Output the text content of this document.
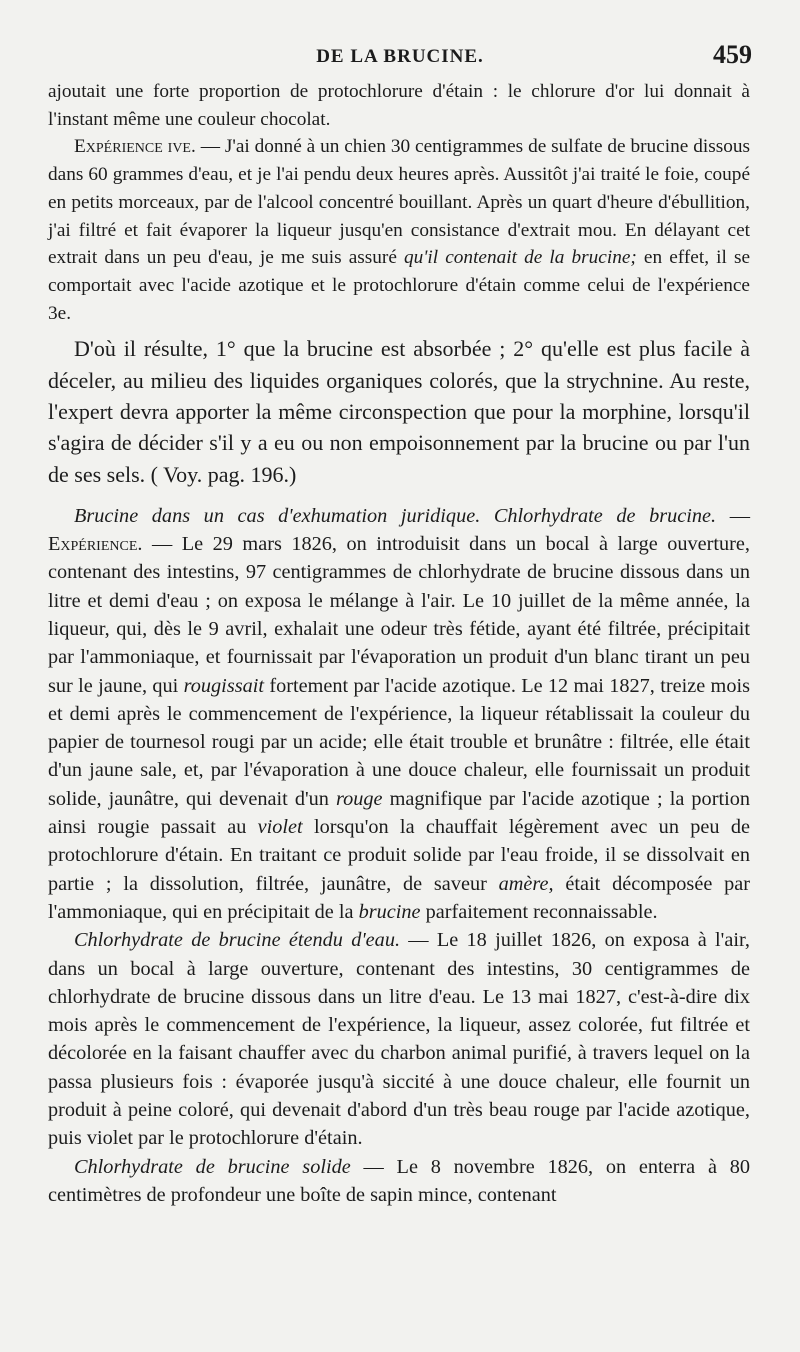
DE LA BRUCINE.	459

ajoutait une forte proportion de protochlorure d'étain : le chlorure d'or lui donnait à l'instant même une couleur chocolat.

Expérience ive. — J'ai donné à un chien 30 centigrammes de sulfate de brucine dissous dans 60 grammes d'eau, et je l'ai pendu deux heures après. Aussitôt j'ai traité le foie, coupé en petits morceaux, par de l'alcool concentré bouillant. Après un quart d'heure d'ébullition, j'ai filtré et fait évaporer la liqueur jusqu'en consistance d'extrait mou. En délayant cet extrait dans un peu d'eau, je me suis assuré qu'il contenait de la brucine; en effet, il se comportait avec l'acide azotique et le protochlorure d'étain comme celui de l'expérience 3e.

D'où il résulte, 1° que la brucine est absorbée ; 2° qu'elle est plus facile à déceler, au milieu des liquides organiques colorés, que la strychnine. Au reste, l'expert devra apporter la même circonspection que pour la morphine, lorsqu'il s'agira de décider s'il y a eu ou non empoisonnement par la brucine ou par l'un de ses sels. ( Voy. pag. 196.)

Brucine dans un cas d'exhumation juridique. Chlorhydrate de brucine. — Expérience. — Le 29 mars 1826, on introduisit dans un bocal à large ouverture, contenant des intestins, 97 centigrammes de chlorhydrate de brucine dissous dans un litre et demi d'eau ; on exposa le mélange à l'air. Le 10 juillet de la même année, la liqueur, qui, dès le 9 avril, exhalait une odeur très fétide, ayant été filtrée, précipitait par l'ammoniaque, et fournissait par l'évaporation un produit d'un blanc tirant un peu sur le jaune, qui rougissait fortement par l'acide azotique. Le 12 mai 1827, treize mois et demi après le commencement de l'expérience, la liqueur rétablissait la couleur du papier de tournesol rougi par un acide; elle était trouble et brunâtre : filtrée, elle était d'un jaune sale, et, par l'évaporation à une douce chaleur, elle fournissait un produit solide, jaunâtre, qui devenait d'un rouge magnifique par l'acide azotique ; la portion ainsi rougie passait au violet lorsqu'on la chauffait légèrement avec un peu de protochlorure d'étain. En traitant ce produit solide par l'eau froide, il se dissolvait en partie ; la dissolution, filtrée, jaunâtre, de saveur amère, était décomposée par l'ammoniaque, qui en précipitait de la brucine parfaitement reconnaissable.

Chlorhydrate de brucine étendu d'eau. — Le 18 juillet 1826, on exposa à l'air, dans un bocal à large ouverture, contenant des intestins, 30 centigrammes de chlorhydrate de brucine dissous dans un litre d'eau. Le 13 mai 1827, c'est-à-dire dix mois après le commencement de l'expérience, la liqueur, assez colorée, fut filtrée et décolorée en la faisant chauffer avec du charbon animal purifié, à travers lequel on la passa plusieurs fois : évaporée jusqu'à siccité à une douce chaleur, elle fournit un produit à peine coloré, qui devenait d'abord d'un très beau rouge par l'acide azotique, puis violet par le protochlorure d'étain.

Chlorhydrate de brucine solide — Le 8 novembre 1826, on enterra à 80 centimètres de profondeur une boîte de sapin mince, contenant
